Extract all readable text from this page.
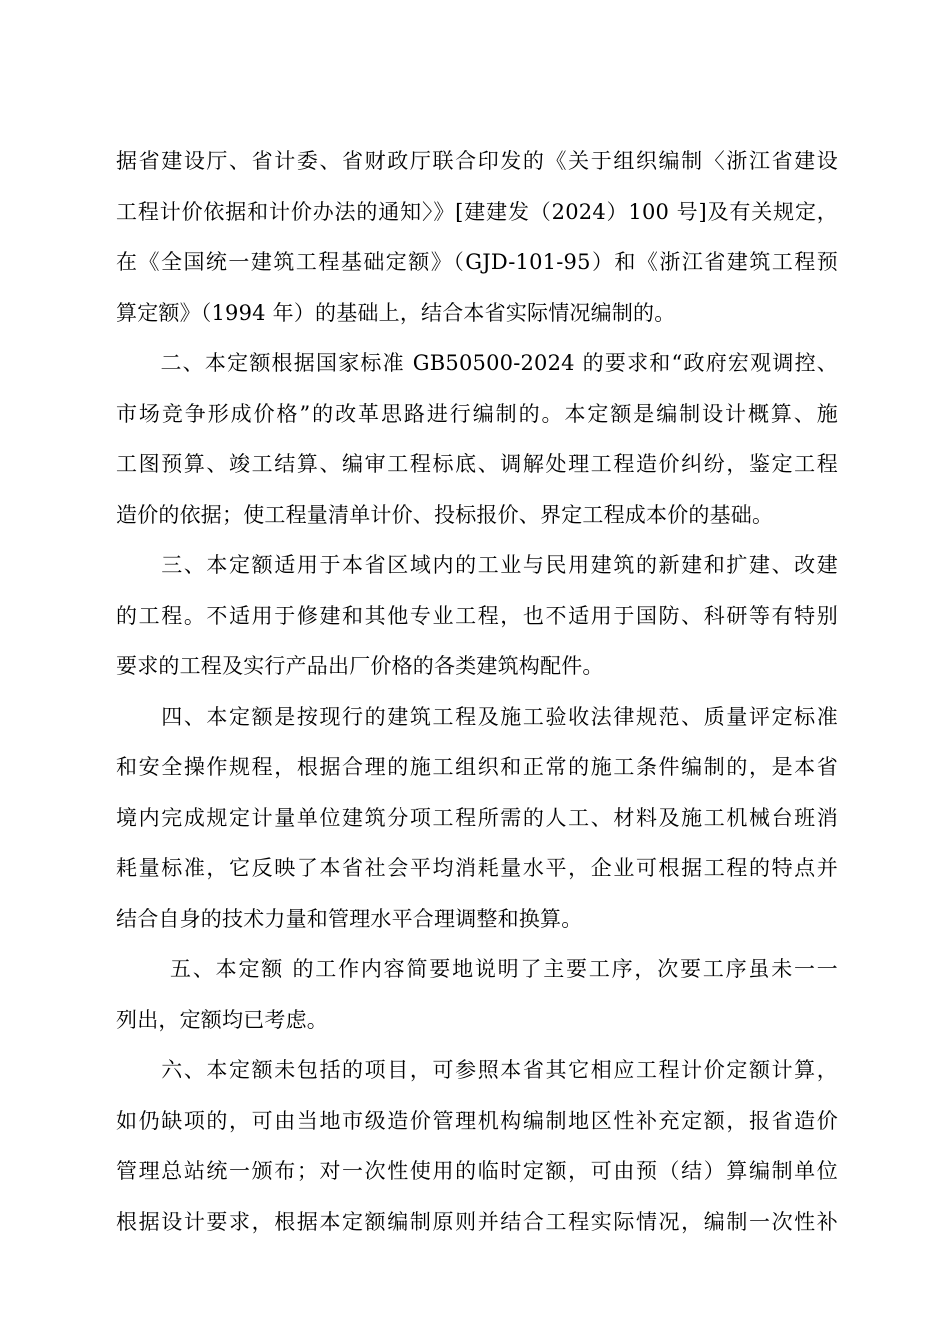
据省建设厅、省计委、省财政厅联合印发的《关于组织编制〈浙江省建设
工程计价依据和计价办法的通知〉》[建建发（2024）100 号]及有关规定，
在《全国统一建筑工程基础定额》（GJD-101-95）和《浙江省建筑工程预
算定额》（1994 年）的基础上，结合本省实际情况编制的。
　　二、本定额根据国家标准 GB50500-2024 的要求和“政府宏观调控、
市场竞争形成价格”的改革思路进行编制的。本定额是编制设计概算、施
工图预算、竣工结算、编审工程标底、调解处理工程造价纠纷，鉴定工程
造价的依据；使工程量清单计价、投标报价、界定工程成本价的基础。
　　三、本定额适用于本省区域内的工业与民用建筑的新建和扩建、改建
的工程。不适用于修建和其他专业工程，也不适用于国防、科研等有特别
要求的工程及实行产品出厂价格的各类建筑构配件。
　　四、本定额是按现行的建筑工程及施工验收法律规范、质量评定标准
和安全操作规程，根据合理的施工组织和正常的施工条件编制的，是本省
境内完成规定计量单位建筑分项工程所需的人工、材料及施工机械台班消
耗量标准，它反映了本省社会平均消耗量水平，企业可根据工程的特点并
结合自身的技术力量和管理水平合理调整和换算。
　　 五、本定额 的工作内容简要地说明了主要工序，次要工序虽未一一
列出，定额均已考虑。
　　六、本定额未包括的项目，可参照本省其它相应工程计价定额计算，
如仍缺项的，可由当地市级造价管理机构编制地区性补充定额，报省造价
管理总站统一颁布；对一次性使用的临时定额，可由预（结）算编制单位
根据设计要求，根据本定额编制原则并结合工程实际情况，编制一次性补
